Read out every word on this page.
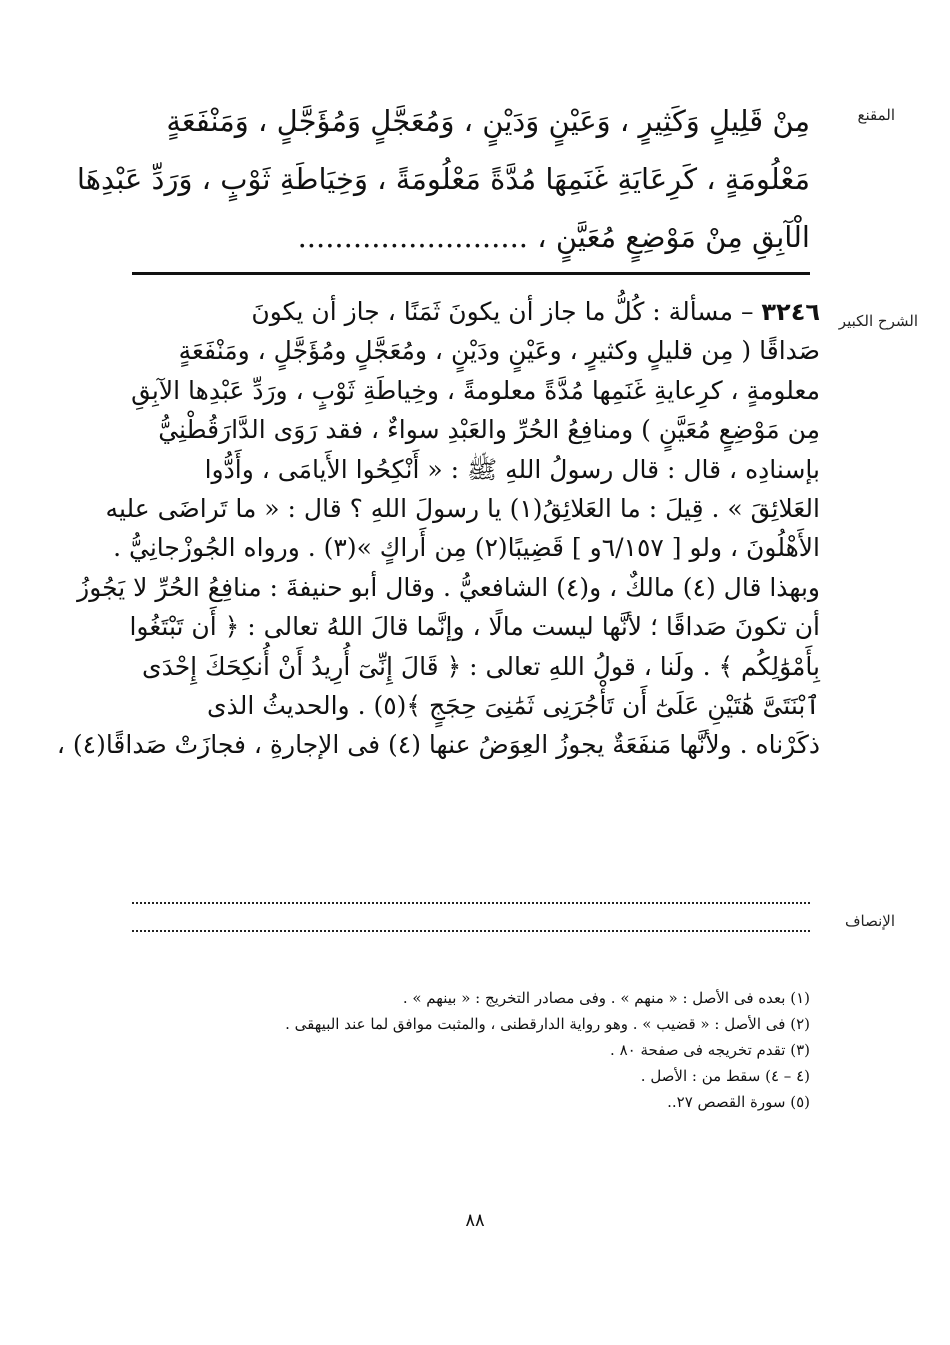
المقنع
الشرح الكبير
الإنصاف
مِنْ قَلِيلٍ وَكَثِيرٍ ، وَعَيْنٍ وَدَيْنٍ ، وَمُعَجَّلٍ وَمُؤَجَّلٍ ، وَمَنْفَعَةٍ
مَعْلُومَةٍ ، كَرِعَايَةِ غَنَمِهَا مُدَّةً مَعْلُومَةً ، وَخِيَاطَةِ ثَوْبٍ ، وَرَدِّ عَبْدِهَا
الْآبِقِ مِنْ مَوْضِعٍ مُعَيَّنٍ ، .........................
٣٢٤٦ – مسألة : كُلُّ ما جاز أن يكونَ ثَمَنًا ، جاز أن يكونَ
صَداقًا ( مِن قليلٍ وكثيرٍ ، وعَيْنٍ ودَيْنٍ ، ومُعَجَّلٍ ومُؤَجَّلٍ ، ومَنْفَعَةٍ
معلومةٍ ، كرِعايةِ غَنَمِها مُدَّةً معلومةً ، وخِياطَةِ ثَوْبٍ ، ورَدِّ عَبْدِها الآبِقِ
مِن مَوْضِعٍ مُعَيَّنٍ ) ومنافِعُ الحُرِّ والعَبْدِ سواءٌ ، فقد رَوَى الدَّارَقُطْنِيُّ
بإسنادِه ، قال : قال رسولُ اللهِ ﷺ : « أَنْكِحُوا الأَيامَى ، وأَدُّوا
العَلائِقَ » . قِيلَ : ما العَلائِقُ(١) يا رسولَ اللهِ ؟ قال : « ما تَراضَى عليه
الأَهْلُونَ ، ولو [ ٦/١٥٧و ] قَضِيبًا(٢) مِن أَراكٍ »(٣) . ورواه الجُوزْجانِيُّ .
وبهذا قال (٤) مالكٌ ، و(٤) الشافعيُّ . وقال أبو حنيفةَ : منافِعُ الحُرِّ لا يَجُوزُ
أن تكونَ صَداقًا ؛ لأنَّها ليست مالًا ، وإنَّما قالَ اللهُ تعالى : ﴿ أَن تَبْتَغُوا
بِأَمْوَٰلِكُم ﴾ . ولَنا ، قولُ اللهِ تعالى : ﴿ قَالَ إِنِّىٓ أُرِيدُ أَنْ أُنكِحَكَ إِحْدَى
ٱبْنَتَىَّ هَٰتَيْنِ عَلَىٰٓ أَن تَأْجُرَنِى ثَمَٰنِىَ حِجَجٍ ﴾(٥) . والحديثُ الذى
ذكَرْناه . ولأنَّها مَنفَعَةٌ يجوزُ العِوَضُ عنها (٤) فى الإجارةِ ، فجازَتْ صَداقًا(٤) ،
(١) بعده فى الأصل : « منهم » . وفى مصادر التخريج : « بينهم » .
(٢) فى الأصل : « قضيب » . وهو رواية الدارقطنى ، والمثبت موافق لما عند البيهقى .
(٣) تقدم تخريجه فى صفحة ٨٠ .
(٤ – ٤) سقط من : الأصل .
(٥) سورة القصص ٢٧..
٨٨
